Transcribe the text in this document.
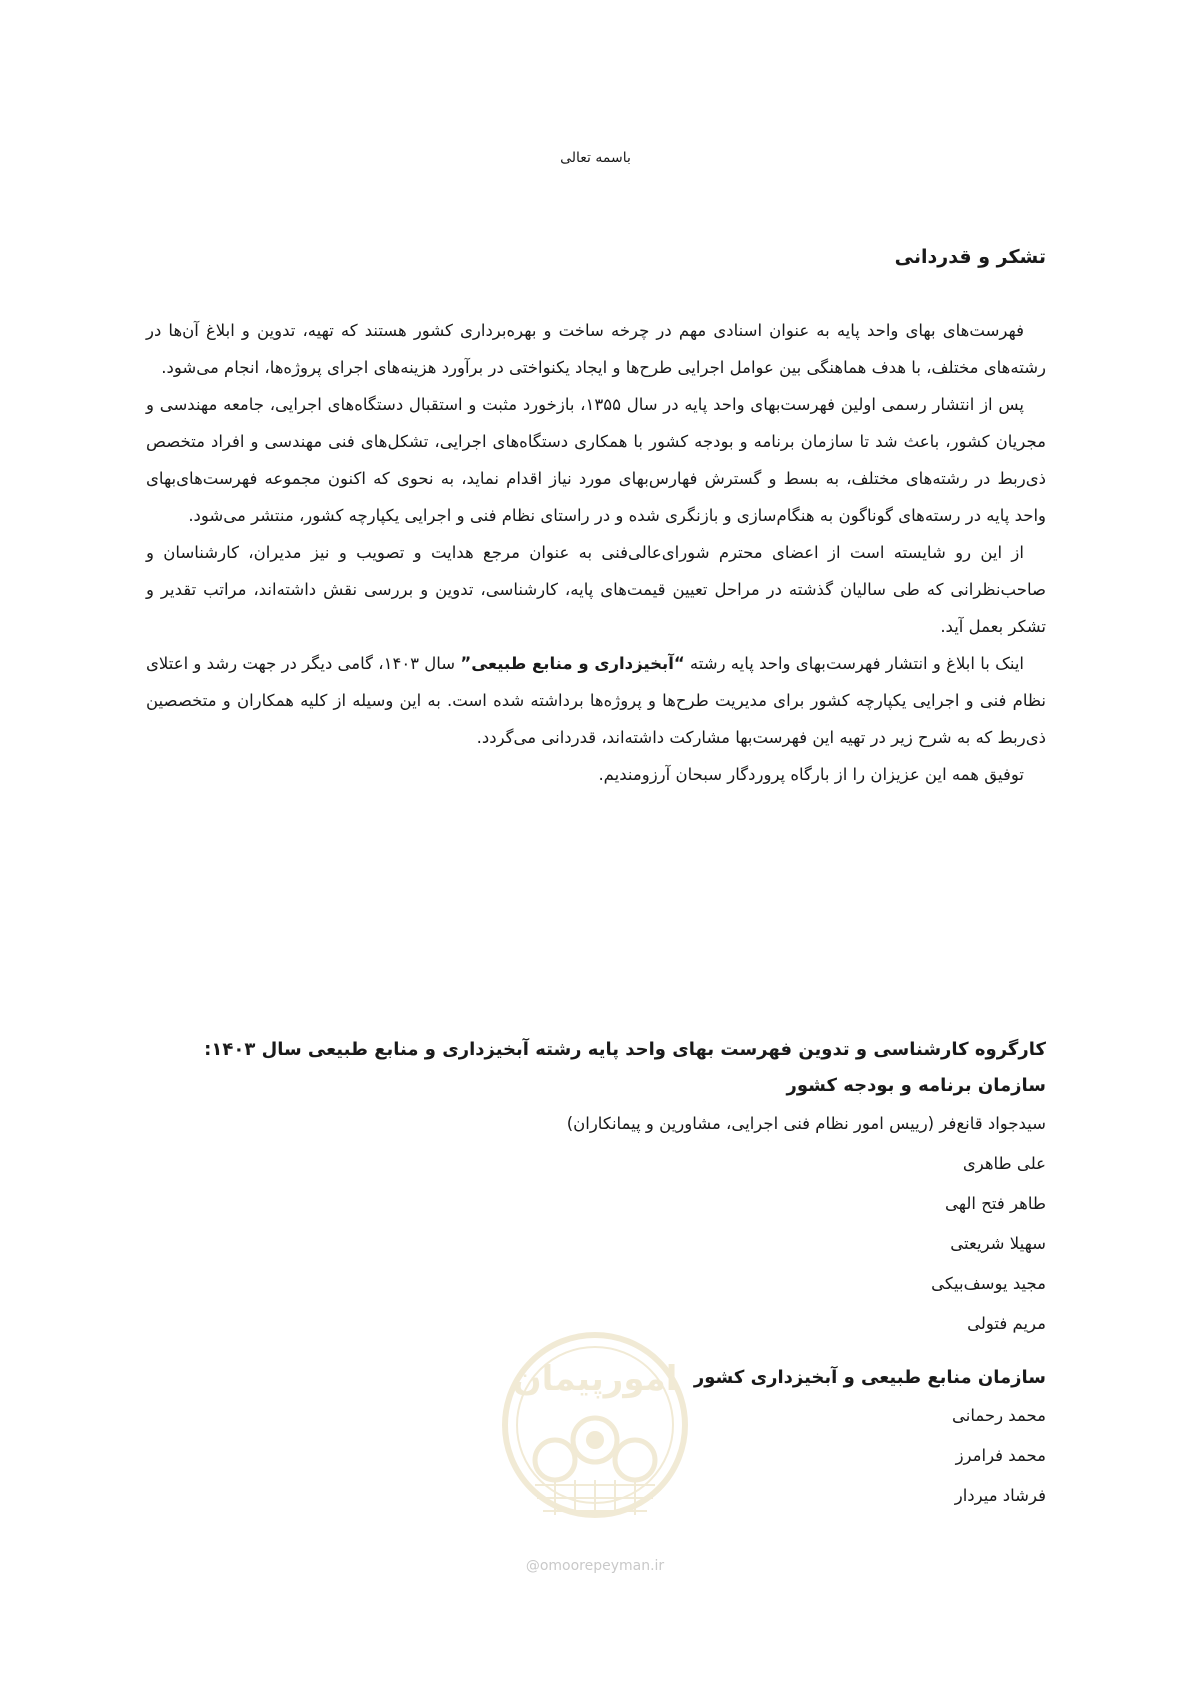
باسمه تعالی
تشکر و قدردانی

فهرست‌های بهای واحد پایه به عنوان اسنادی مهم در چرخه ساخت و بهره‌برداری کشور هستند که تهیه، تدوین و ابلاغ آن‌ها در رشته‌های مختلف، با هدف هماهنگی بین عوامل اجرایی طرح‌ها و ایجاد یکنواختی در برآورد هزینه‌های اجرای پروژه‌ها، انجام می‌شود.

پس از انتشار رسمی اولین فهرست‌بهای واحد پایه در سال ۱۳۵۵، بازخورد مثبت و استقبال دستگاه‌های اجرایی، جامعه مهندسی و مجریان کشور، باعث شد تا سازمان برنامه و بودجه کشور با همکاری دستگاه‌های اجرایی، تشکل‌های فنی مهندسی و افراد متخصص ذی‌ربط در رشته‌های مختلف، به بسط و گسترش فهارس‌بهای مورد نیاز اقدام نماید، به نحوی که اکنون مجموعه فهرست‌های‌بهای واحد پایه در رسته‌های گوناگون به هنگام‌سازی و بازنگری شده و در راستای نظام فنی و اجرایی یکپارچه کشور، منتشر می‌شود.

از این رو شایسته است از اعضای محترم شورای‌عالی‌فنی به عنوان مرجع هدایت و تصویب و نیز مدیران، کارشناسان و صاحب‌نظرانی که طی سالیان گذشته در مراحل تعیین قیمت‌های پایه، کارشناسی، تدوین و بررسی نقش داشته‌اند، مراتب تقدیر و تشکر بعمل آید.

اینک با ابلاغ و انتشار فهرست‌بهای واحد پایه رشته “آبخیزداری و منابع طبیعی” سال ۱۴۰۳، گامی دیگر در جهت رشد و اعتلای نظام فنی و اجرایی یکپارچه کشور برای مدیریت طرح‌ها و پروژه‌ها برداشته شده است. به این وسیله از کلیه همکاران و متخصصین ذی‌ربط که به شرح زیر در تهیه این فهرست‌بها مشارکت داشته‌اند، قدردانی می‌گردد.

توفیق همه این عزیزان را از بارگاه پروردگار سبحان آرزومندیم.

کارگروه کارشناسی و تدوین فهرست بهای واحد پایه رشته آبخیزداری و منابع طبیعی سال ۱۴۰۳:
سازمان برنامه و بودجه کشور
سیدجواد قانع‌فر (رییس امور نظام فنی اجرایی، مشاورین و پیمانکاران)
علی طاهری
طاهر فتح الهی
سهیلا شریعتی
مجید یوسف‌بیکی
مریم فتولی
سازمان منابع طبیعی و آبخیزداری کشور
محمد رحمانی
محمد فرامرز
فرشاد میردار
امورپیمان
@omoorepeyman.ir
